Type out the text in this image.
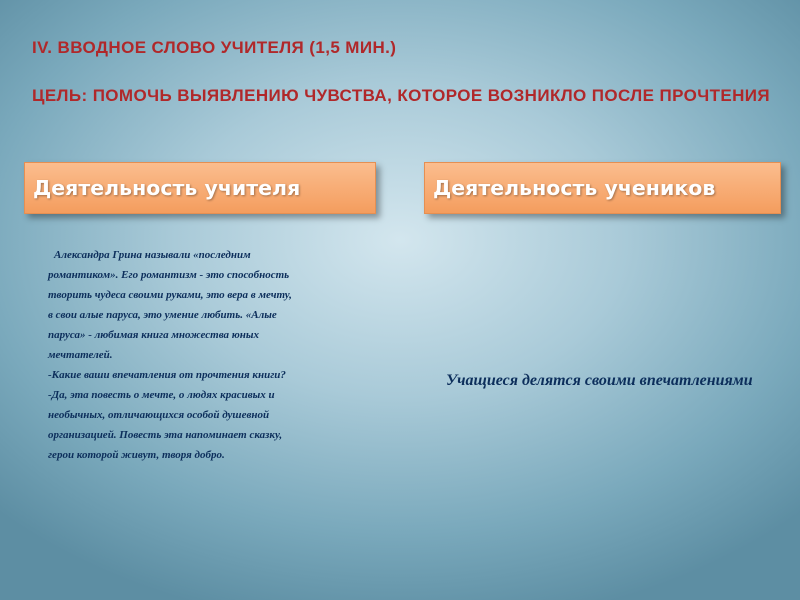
IV. ВВОДНОЕ СЛОВО УЧИТЕЛЯ (1,5 МИН.)

ЦЕЛЬ: ПОМОЧЬ ВЫЯВЛЕНИЮ ЧУВСТВА, КОТОРОЕ ВОЗНИКЛО ПОСЛЕ ПРОЧТЕНИЯ

Деятельность учителя	Деятельность учеников

Александра Грина называли «последним

романтиком». Его романтизм - это способность

творить чудеса своими руками, это вера в мечту,

в свои алые паруса, это умение любить. «Алые

паруса» - любимая книга множества юных

мечтателей.

-Какие ваши впечатления от прочтения книги?

-Да, эта повесть о мечте, о людях красивых и

необычных, отличающихся особой душевной

организацией. Повесть эта напоминает сказку,

герои которой живут, творя добро.

Учащиеся делятся своими впечатлениями
